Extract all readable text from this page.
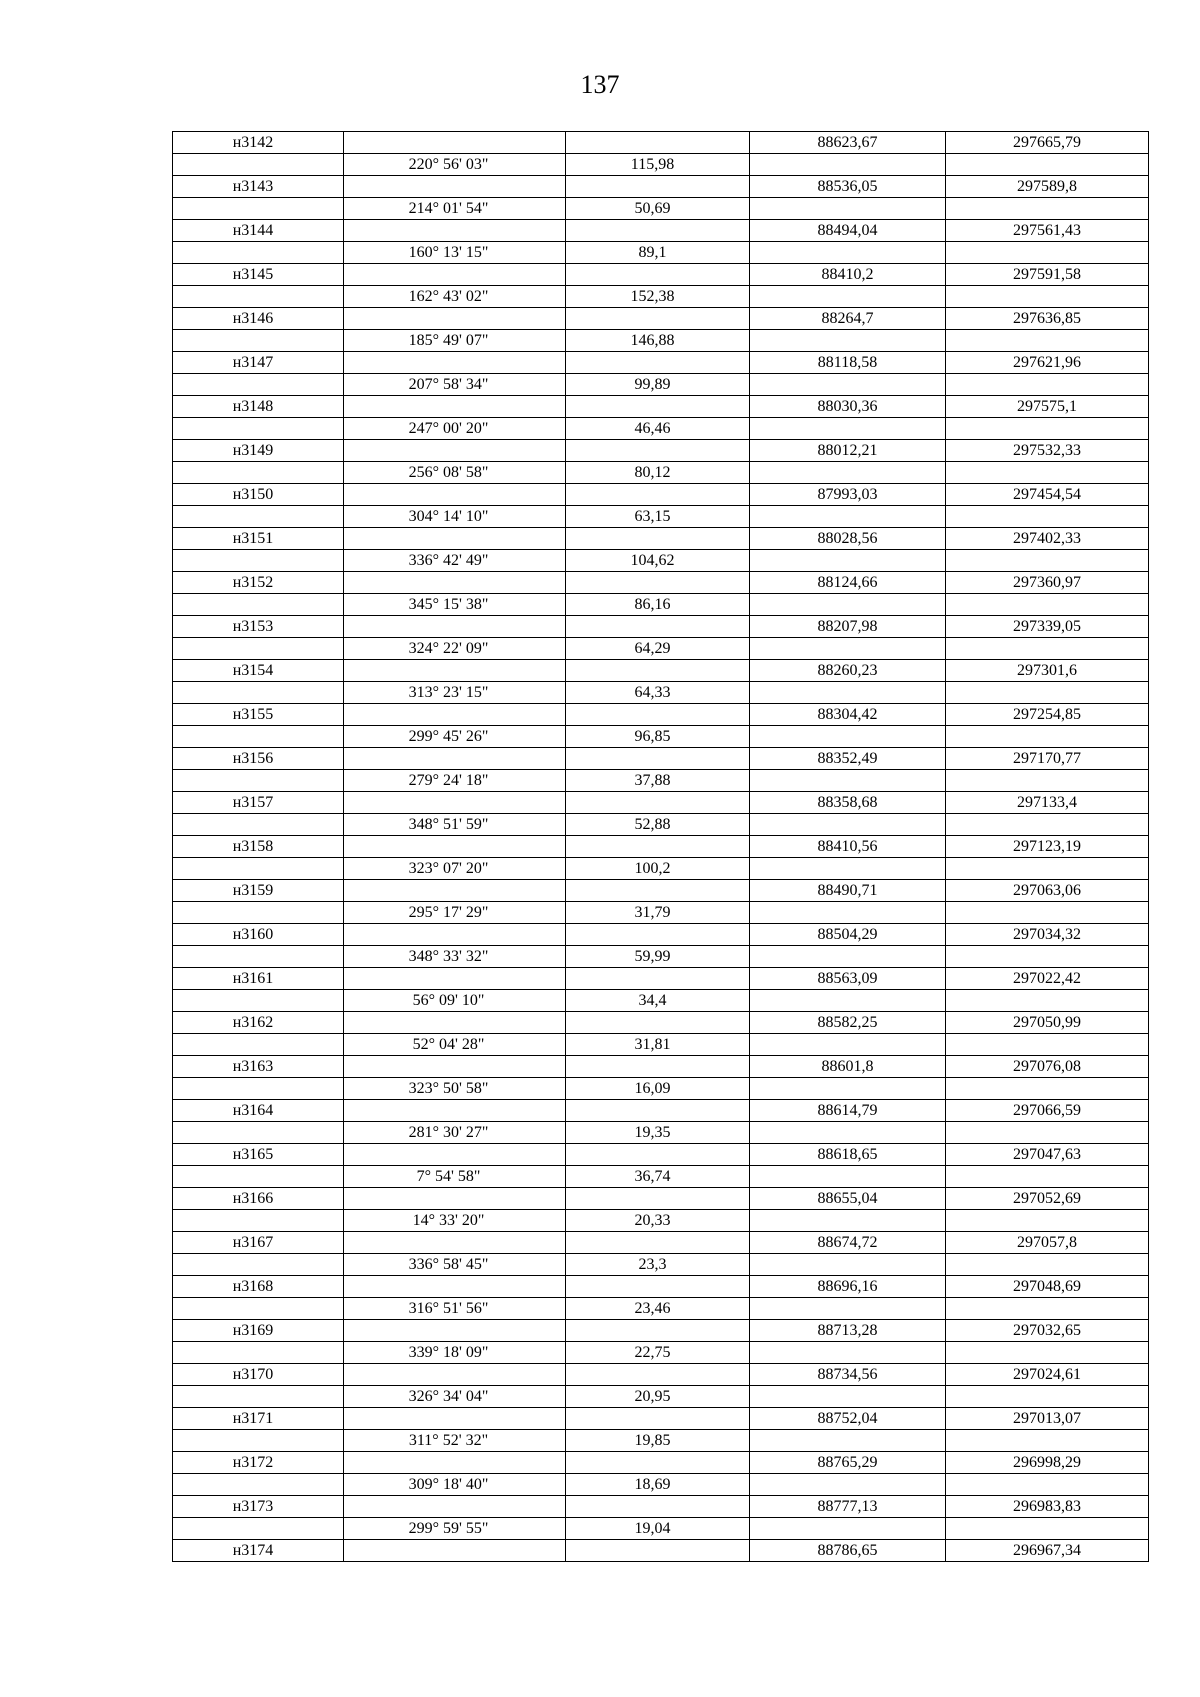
137
н3142			88623,67	297665,79
	220° 56' 03"	115,98		
н3143			88536,05	297589,8
	214° 01' 54"	50,69		
н3144			88494,04	297561,43
	160° 13' 15"	89,1		
н3145			88410,2	297591,58
	162° 43' 02"	152,38		
н3146			88264,7	297636,85
	185° 49' 07"	146,88		
н3147			88118,58	297621,96
	207° 58' 34"	99,89		
н3148			88030,36	297575,1
	247° 00' 20"	46,46		
н3149			88012,21	297532,33
	256° 08' 58"	80,12		
н3150			87993,03	297454,54
	304° 14' 10"	63,15		
н3151			88028,56	297402,33
	336° 42' 49"	104,62		
н3152			88124,66	297360,97
	345° 15' 38"	86,16		
н3153			88207,98	297339,05
	324° 22' 09"	64,29		
н3154			88260,23	297301,6
	313° 23' 15"	64,33		
н3155			88304,42	297254,85
	299° 45' 26"	96,85		
н3156			88352,49	297170,77
	279° 24' 18"	37,88		
н3157			88358,68	297133,4
	348° 51' 59"	52,88		
н3158			88410,56	297123,19
	323° 07' 20"	100,2		
н3159			88490,71	297063,06
	295° 17' 29"	31,79		
н3160			88504,29	297034,32
	348° 33' 32"	59,99		
н3161			88563,09	297022,42
	56° 09' 10"	34,4		
н3162			88582,25	297050,99
	52° 04' 28"	31,81		
н3163			88601,8	297076,08
	323° 50' 58"	16,09		
н3164			88614,79	297066,59
	281° 30' 27"	19,35		
н3165			88618,65	297047,63
	7° 54' 58"	36,74		
н3166			88655,04	297052,69
	14° 33' 20"	20,33		
н3167			88674,72	297057,8
	336° 58' 45"	23,3		
н3168			88696,16	297048,69
	316° 51' 56"	23,46		
н3169			88713,28	297032,65
	339° 18' 09"	22,75		
н3170			88734,56	297024,61
	326° 34' 04"	20,95		
н3171			88752,04	297013,07
	311° 52' 32"	19,85		
н3172			88765,29	296998,29
	309° 18' 40"	18,69		
н3173			88777,13	296983,83
	299° 59' 55"	19,04		
н3174			88786,65	296967,34
